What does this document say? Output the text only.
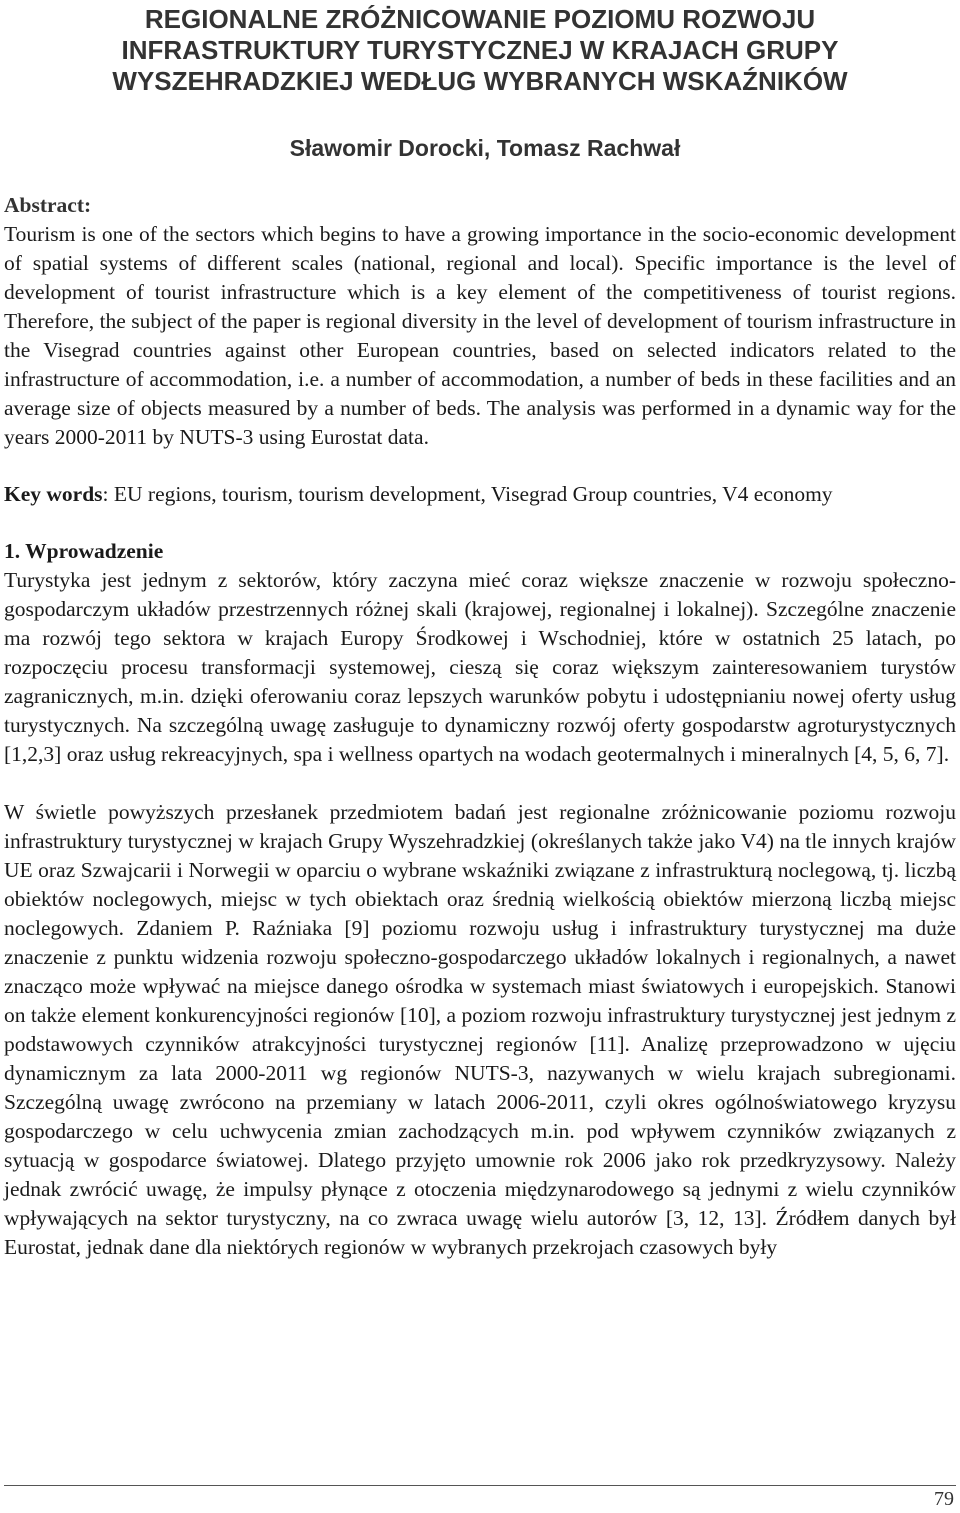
REGIONALNE ZRÓŻNICOWANIE POZIOMU ROZWOJU
INFRASTRUKTURY TURYSTYCZNEJ W KRAJACH GRUPY
WYSZEHRADZKIEJ WEDŁUG WYBRANYCH WSKAŹNIKÓW
Sławomir Dorocki, Tomasz Rachwał
Abstract:

Tourism is one of the sectors which begins to have a growing importance in the socio-economic development of spatial systems of different scales (national, regional and local). Specific importance is the level of development of tourist infrastructure which is a key element of the competitiveness of tourist regions. Therefore, the subject of the paper is regional diversity in the level of development of tourism infrastructure in the Visegrad countries against other European countries, based on selected indicators related to the infrastructure of accommodation, i.e. a number of accommodation, a number of beds in these facilities and an average size of objects measured by a number of beds. The analysis was performed in a dynamic way for the years 2000-2011 by NUTS-3 using Eurostat data.

Key words: EU regions, tourism, tourism development, Visegrad Group countries, V4 economy

1. Wprowadzenie

Turystyka jest jednym z sektorów, który zaczyna mieć coraz większe znaczenie w rozwoju społeczno-gospodarczym układów przestrzennych różnej skali (krajowej, regionalnej i lokalnej). Szczególne znaczenie ma rozwój tego sektora w krajach Europy Środkowej i Wschodniej, które w ostatnich 25 latach, po rozpoczęciu procesu transformacji systemowej, cieszą się coraz większym zainteresowaniem turystów zagranicznych, m.in. dzięki oferowaniu coraz lepszych warunków pobytu i udostępnianiu nowej oferty usług turystycznych. Na szczególną uwagę zasługuje to dynamiczny rozwój oferty gospodarstw agroturystycznych [1,2,3] oraz usług rekreacyjnych, spa i wellness opartych na wodach geotermalnych i mineralnych [4, 5, 6, 7].

W świetle powyższych przesłanek przedmiotem badań jest regionalne zróżnicowanie poziomu rozwoju infrastruktury turystycznej w krajach Grupy Wyszehradzkiej (określanych także jako V4) na tle innych krajów UE oraz Szwajcarii i Norwegii w oparciu o wybrane wskaźniki związane z infrastrukturą noclegową, tj. liczbą obiektów noclegowych, miejsc w tych obiektach oraz średnią wielkością obiektów mierzoną liczbą miejsc noclegowych. Zdaniem P. Raźniaka [9] poziomu rozwoju usług i infrastruktury turystycznej ma duże znaczenie z punktu widzenia rozwoju społeczno-gospodarczego układów lokalnych i regionalnych, a nawet znacząco może wpływać na miejsce danego ośrodka w systemach miast światowych i europejskich. Stanowi on także element konkurencyjności regionów [10], a poziom rozwoju infrastruktury turystycznej jest jednym z podstawowych czynników atrakcyjności turystycznej regionów [11]. Analizę przeprowadzono w ujęciu dynamicznym za lata 2000-2011 wg regionów NUTS-3, nazywanych w wielu krajach subregionami. Szczególną uwagę zwrócono na przemiany w latach 2006-2011, czyli okres ogólnoświatowego kryzysu gospodarczego w celu uchwycenia zmian zachodzących m.in. pod wpływem czynników związanych z sytuacją w gospodarce światowej. Dlatego przyjęto umownie rok 2006 jako rok przedkryzysowy. Należy jednak zwrócić uwagę, że impulsy płynące z otoczenia międzynarodowego są jednymi z wielu czynników wpływających na sektor turystyczny, na co zwraca uwagę wielu autorów [3, 12, 13]. Źródłem danych był Eurostat, jednak dane dla niektórych regionów w wybranych przekrojach czasowych były

79
